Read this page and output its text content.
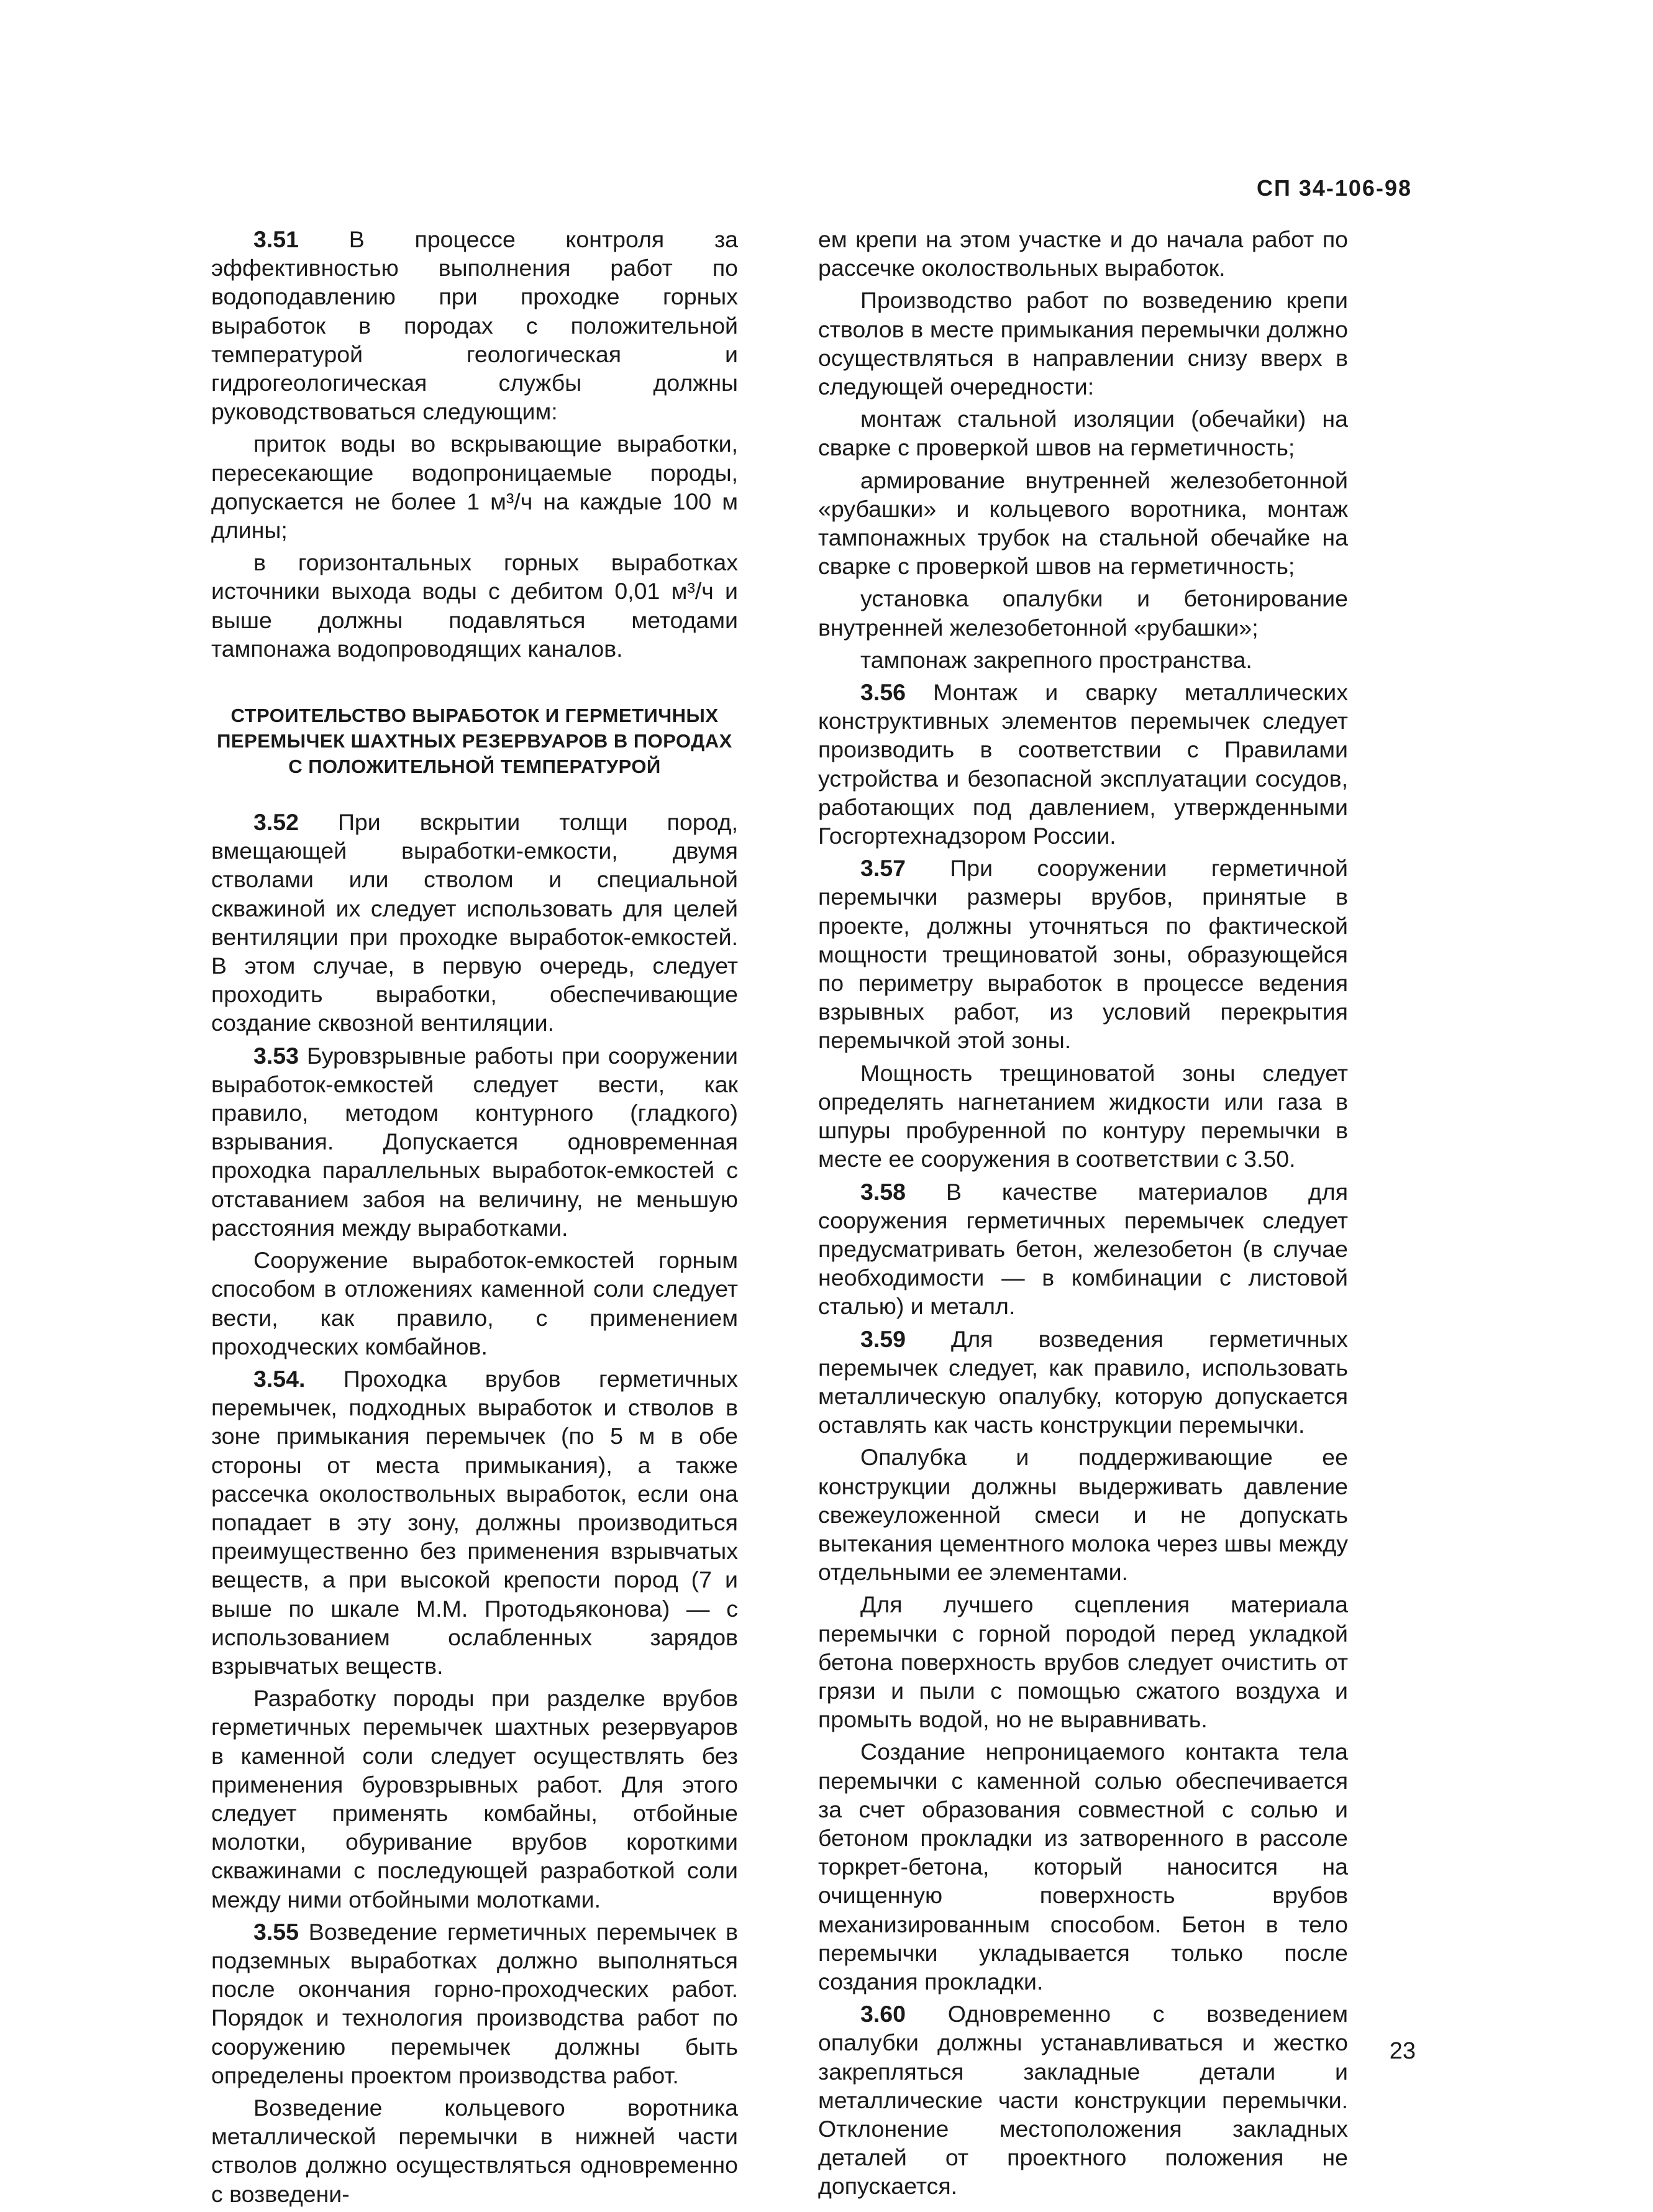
СП 34-106-98

3.51 В процессе контроля за эффективностью выполнения работ по водоподавлению при проходке горных выработок в породах с положительной температурой геологическая и гидрогеологическая службы должны руководствоваться следующим:

приток воды во вскрывающие выработки, пересекающие водопроницаемые породы, допускается не более 1 м³/ч на каждые 100 м длины;

в горизонтальных горных выработках источники выхода воды с дебитом 0,01 м³/ч и выше должны подавляться методами тампонажа водопроводящих каналов.

СТРОИТЕЛЬСТВО ВЫРАБОТОК И ГЕРМЕТИЧНЫХ ПЕРЕМЫЧЕК ШАХТНЫХ РЕЗЕРВУАРОВ В ПОРОДАХ С ПОЛОЖИТЕЛЬНОЙ ТЕМПЕРАТУРОЙ

3.52 При вскрытии толщи пород, вмещающей выработки-емкости, двумя стволами или стволом и специальной скважиной их следует использовать для целей вентиляции при проходке выработок-емкостей. В этом случае, в первую очередь, следует проходить выработки, обеспечивающие создание сквозной вентиляции.

3.53 Буровзрывные работы при сооружении выработок-емкостей следует вести, как правило, методом контурного (гладкого) взрывания. Допускается одновременная проходка параллельных выработок-емкостей с отставанием забоя на величину, не меньшую расстояния между выработками.

Сооружение выработок-емкостей горным способом в отложениях каменной соли следует вести, как правило, с применением проходческих комбайнов.

3.54. Проходка врубов герметичных перемычек, подходных выработок и стволов в зоне примыкания перемычек (по 5 м в обе стороны от места примыкания), а также рассечка околоствольных выработок, если она попадает в эту зону, должны производиться преимущественно без применения взрывчатых веществ, а при высокой крепости пород (7 и выше по шкале М.М. Протодьяконова) — с использованием ослабленных зарядов взрывчатых веществ.

Разработку породы при разделке врубов герметичных перемычек шахтных резервуаров в каменной соли следует осуществлять без применения буровзрывных работ. Для этого следует применять комбайны, отбойные молотки, обуривание врубов короткими скважинами с последующей разработкой соли между ними отбойными молотками.

3.55 Возведение герметичных перемычек в подземных выработках должно выполняться после окончания горно-проходческих работ. Порядок и технология производства работ по сооружению перемычек должны быть определены проектом производства работ.

Возведение кольцевого воротника металлической перемычки в нижней части стволов должно осуществляться одновременно с возведени-

ем крепи на этом участке и до начала работ по рассечке околоствольных выработок.

Производство работ по возведению крепи стволов в месте примыкания перемычки должно осуществляться в направлении снизу вверх в следующей очередности:

монтаж стальной изоляции (обечайки) на сварке с проверкой швов на герметичность;

армирование внутренней железобетонной «рубашки» и кольцевого воротника, монтаж тампонажных трубок на стальной обечайке на сварке с проверкой швов на герметичность;

установка опалубки и бетонирование внутренней железобетонной «рубашки»;

тампонаж закрепного пространства.

3.56 Монтаж и сварку металлических конструктивных элементов перемычек следует производить в соответствии с Правилами устройства и безопасной эксплуатации сосудов, работающих под давлением, утвержденными Госгортехнадзором России.

3.57 При сооружении герметичной перемычки размеры врубов, принятые в проекте, должны уточняться по фактической мощности трещиноватой зоны, образующейся по периметру выработок в процессе ведения взрывных работ, из условий перекрытия перемычкой этой зоны.

Мощность трещиноватой зоны следует определять нагнетанием жидкости или газа в шпуры пробуренной по контуру перемычки в месте ее сооружения в соответствии с 3.50.

3.58 В качестве материалов для сооружения герметичных перемычек следует предусматривать бетон, железобетон (в случае необходимости — в комбинации с листовой сталью) и металл.

3.59 Для возведения герметичных перемычек следует, как правило, использовать металлическую опалубку, которую допускается оставлять как часть конструкции перемычки.

Опалубка и поддерживающие ее конструкции должны выдерживать давление свежеуложенной смеси и не допускать вытекания цементного молока через швы между отдельными ее элементами.

Для лучшего сцепления материала перемычки с горной породой перед укладкой бетона поверхность врубов следует очистить от грязи и пыли с помощью сжатого воздуха и промыть водой, но не выравнивать.

Создание непроницаемого контакта тела перемычки с каменной солью обеспечивается за счет образования совместной с солью и бетоном прокладки из затворенного в рассоле торкрет-бетона, который наносится на очищенную поверхность врубов механизированным способом. Бетон в тело перемычки укладывается только после создания прокладки.

3.60 Одновременно с возведением опалубки должны устанавливаться и жестко закрепляться закладные детали и металлические части конструкции перемычки. Отклонение местоположения закладных деталей от проектного положения не допускается.

23
